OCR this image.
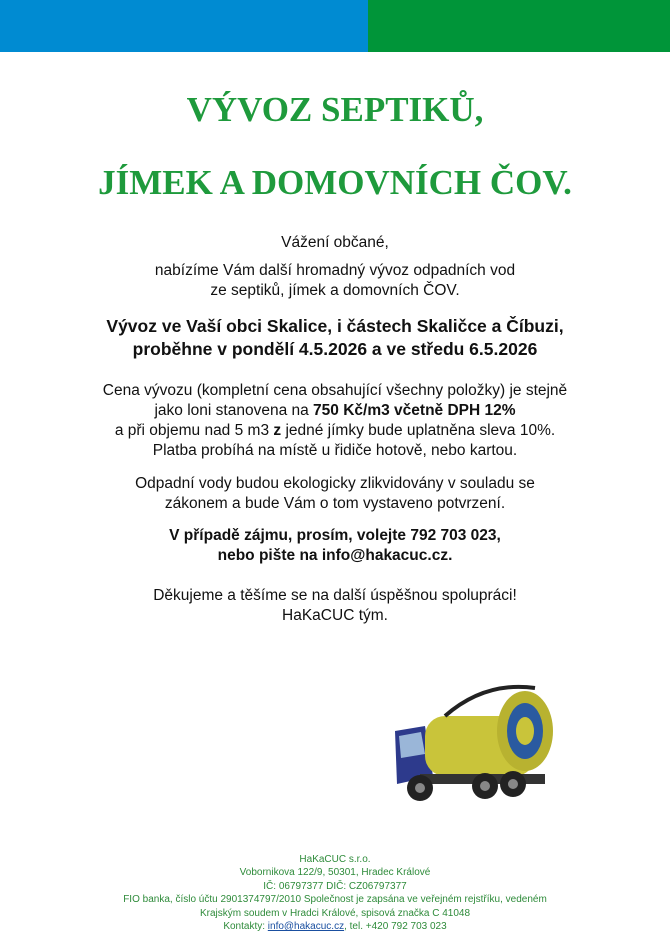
VÝVOZ SEPTIKŮ,
JÍMEK A DOMOVNÍCH ČOV.
Vážení občané,
nabízíme Vám další hromadný vývoz odpadních vod
ze septiků, jímek a domovních ČOV.
Vývoz ve Vaší obci Skalice, i částech Skaličce a Číbuzi,
proběhne v pondělí 4.5.2026 a ve středu 6.5.2026
Cena vývozu (kompletní cena obsahující všechny položky) je stejně
jako loni stanovena na 750 Kč/m3 včetně DPH 12%
a při objemu nad 5 m3 z jedné jímky bude uplatněna sleva 10%.
Platba probíhá na místě u řidiče hotově, nebo kartou.
Odpadní vody budou ekologicky zlikvidovány v souladu se
zákonem a bude Vám o tom vystaveno potvrzení.
V případě zájmu, prosím, volejte 792 703 023,
nebo pište na info@hakacuc.cz.
Děkujeme a těšíme se na další úspěšnou spolupráci!
HaKaCUC tým.
HaKaCUC s.r.o.
Vobornikova 122/9, 50301, Hradec Králové
IČ: 06797377 DIČ: CZ06797377
FIO banka, číslo účtu 2901374797/2010 Společnost je zapsána ve veřejném rejstříku, vedeném
Krajským soudem v Hradci Králové, spisová značka C 41048
Kontakty: info@hakacuc.cz, tel. +420 792 703 023
